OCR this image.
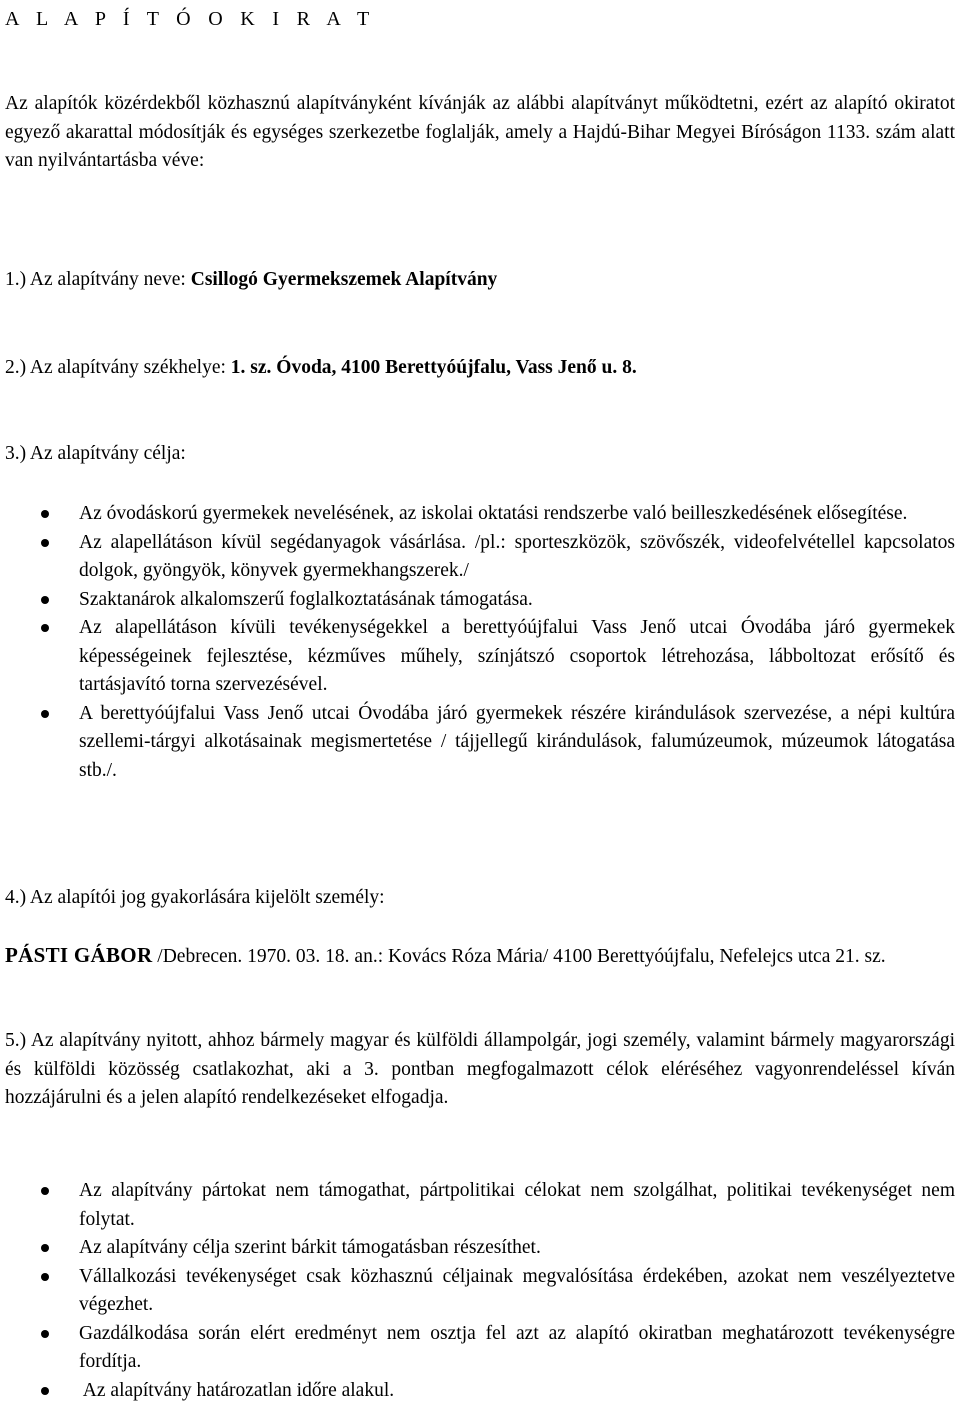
A L A P Í T Ó O K I R A T
Az alapítók közérdekből közhasznú alapítványként kívánják az alábbi alapítványt működtetni, ezért az alapító okiratot egyező akarattal módosítják és egységes szerkezetbe foglalják, amely a Hajdú-Bihar Megyei Bíróságon 1133. szám alatt van nyilvántartásba véve:
1.) Az alapítvány neve: Csillogó Gyermekszemek Alapítvány
2.) Az alapítvány székhelye: 1. sz. Óvoda, 4100 Berettyóújfalu, Vass Jenő u. 8.
3.) Az alapítvány célja:
Az óvodáskorú gyermekek nevelésének, az iskolai oktatási rendszerbe való beilleszkedésének elősegítése.
Az alapellátáson kívül segédanyagok vásárlása. /pl.: sporteszközök, szövőszék, videofelvétellel kapcsolatos dolgok, gyöngyök, könyvek gyermekhangszerek./
Szaktanárok alkalomszerű foglalkoztatásának támogatása.
Az alapellátáson kívüli tevékenységekkel a berettyóújfalui Vass Jenő utcai Óvodába járó gyermekek képességeinek fejlesztése, kézműves műhely, színjátszó csoportok létrehozása, lábboltozat erősítő és tartásjavító torna szervezésével.
A berettyóújfalui Vass Jenő utcai Óvodába járó gyermekek részére kirándulások szervezése, a népi kultúra szellemi-tárgyi alkotásainak megismertetése / tájjellegű kirándulások, falumúzeumok, múzeumok látogatása stb./.
4.) Az alapítói jog gyakorlására kijelölt személy:
PÁSTI GÁBOR /Debrecen. 1970. 03. 18. an.: Kovács Róza Mária/ 4100 Berettyóújfalu, Nefelejcs utca 21. sz.
5.) Az alapítvány nyitott, ahhoz bármely magyar és külföldi állampolgár, jogi személy, valamint bármely magyarországi és külföldi közösség csatlakozhat, aki a 3. pontban megfogalmazott célok eléréséhez vagyonrendeléssel kíván hozzájárulni és a jelen alapító rendelkezéseket elfogadja.
Az alapítvány pártokat nem támogathat, pártpolitikai célokat nem szolgálhat, politikai tevékenységet nem folytat.
Az alapítvány célja szerint bárkit támogatásban részesíthet.
Vállalkozási tevékenységet csak közhasznú céljainak megvalósítása érdekében, azokat nem veszélyeztetve végezhet.
Gazdálkodása során elért eredményt nem osztja fel azt az alapító okiratban meghatározott tevékenységre fordítja.
Az alapítvány határozatlan időre alakul.
